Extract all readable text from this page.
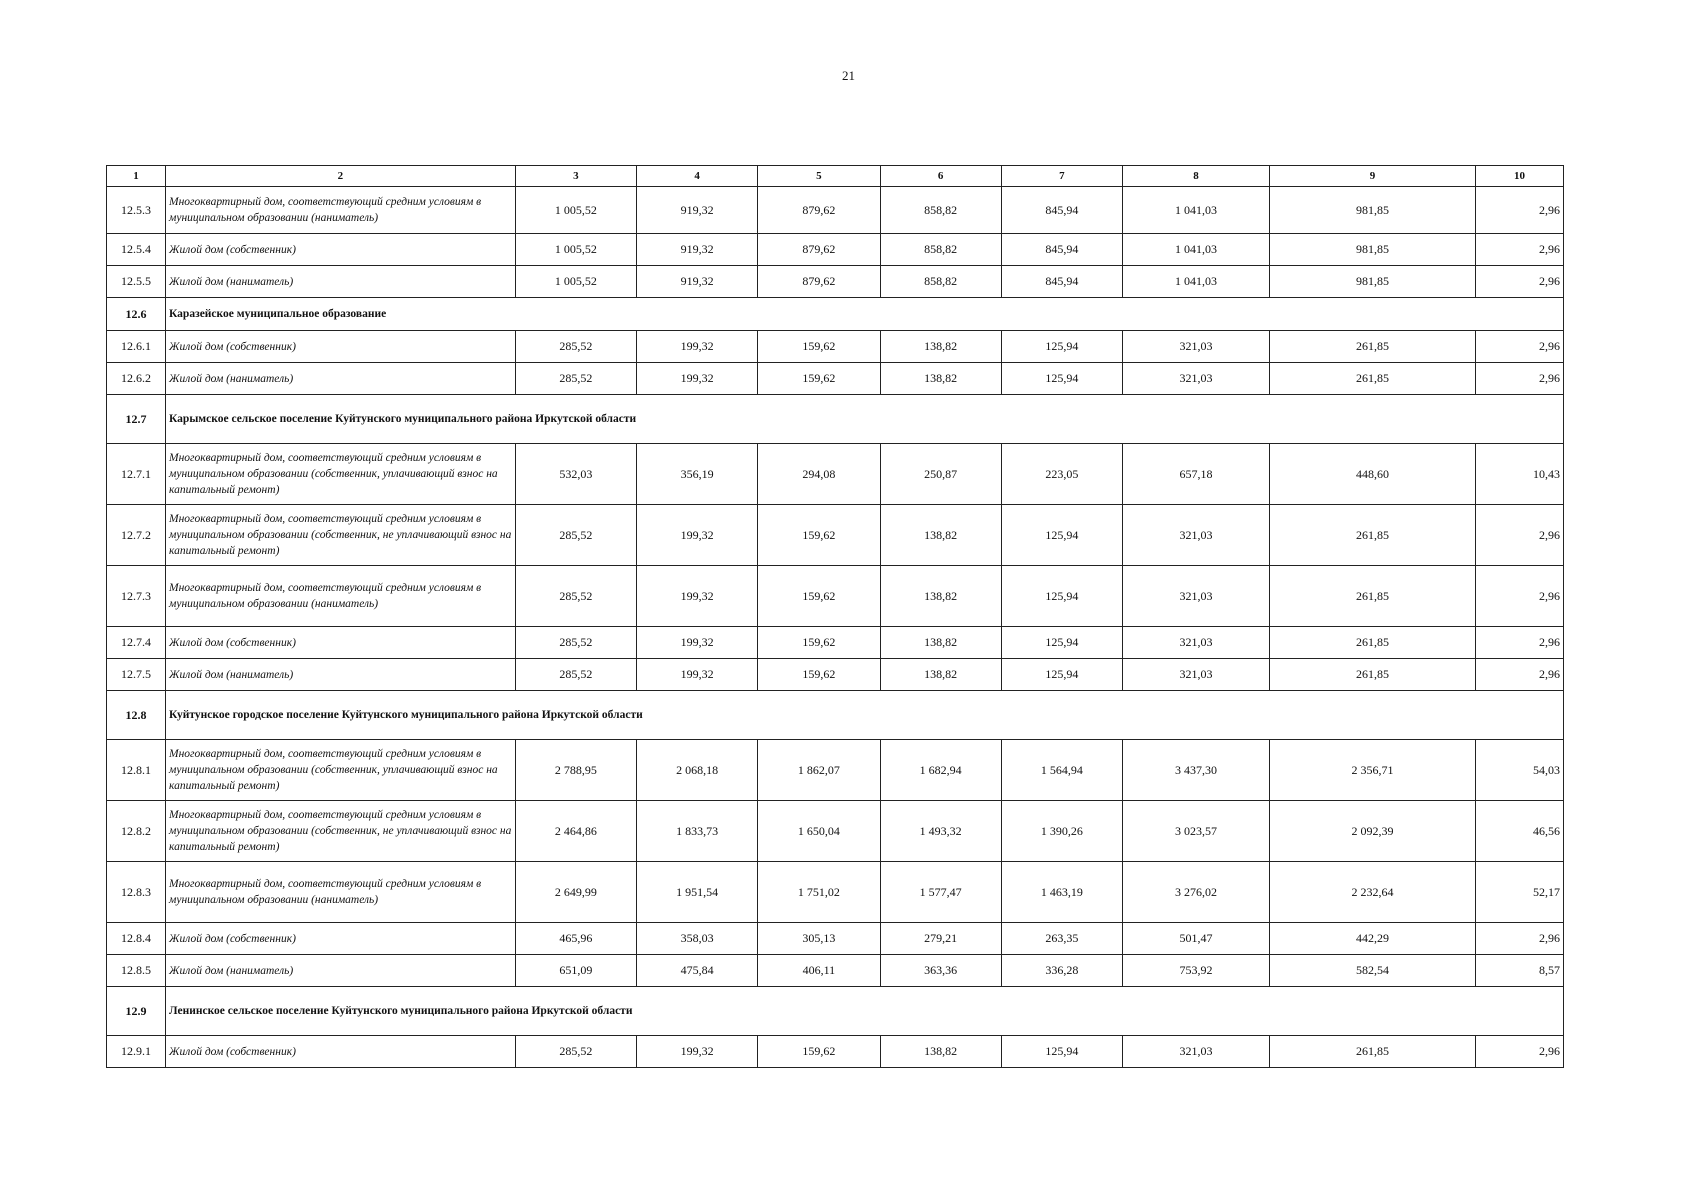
21
1	2	3	4	5	6	7	8	9	10
12.5.3	Многоквартирный дом, соответствующий средним условиям в муниципальном образовании (наниматель)	1 005,52	919,32	879,62	858,82	845,94	1 041,03	981,85	2,96
12.5.4	Жилой дом (собственник)	1 005,52	919,32	879,62	858,82	845,94	1 041,03	981,85	2,96
12.5.5	Жилой дом (наниматель)	1 005,52	919,32	879,62	858,82	845,94	1 041,03	981,85	2,96
12.6	Каразейское муниципальное образование								
12.6.1	Жилой дом (собственник)	285,52	199,32	159,62	138,82	125,94	321,03	261,85	2,96
12.6.2	Жилой дом (наниматель)	285,52	199,32	159,62	138,82	125,94	321,03	261,85	2,96
12.7	Карымское сельское поселение Куйтунского муниципального района Иркутской области								
12.7.1	Многоквартирный дом, соответствующий средним условиям в муниципальном образовании (собственник, уплачивающий взнос на капитальный ремонт)	532,03	356,19	294,08	250,87	223,05	657,18	448,60	10,43
12.7.2	Многоквартирный дом, соответствующий средним условиям в муниципальном образовании (собственник, не уплачивающий взнос на капитальный ремонт)	285,52	199,32	159,62	138,82	125,94	321,03	261,85	2,96
12.7.3	Многоквартирный дом, соответствующий средним условиям в муниципальном образовании (наниматель)	285,52	199,32	159,62	138,82	125,94	321,03	261,85	2,96
12.7.4	Жилой дом (собственник)	285,52	199,32	159,62	138,82	125,94	321,03	261,85	2,96
12.7.5	Жилой дом (наниматель)	285,52	199,32	159,62	138,82	125,94	321,03	261,85	2,96
12.8	Куйтунское городское поселение Куйтунского муниципального района Иркутской области								
12.8.1	Многоквартирный дом, соответствующий средним условиям в муниципальном образовании (собственник, уплачивающий взнос на капитальный ремонт)	2 788,95	2 068,18	1 862,07	1 682,94	1 564,94	3 437,30	2 356,71	54,03
12.8.2	Многоквартирный дом, соответствующий средним условиям в муниципальном образовании (собственник, не уплачивающий взнос на капитальный ремонт)	2 464,86	1 833,73	1 650,04	1 493,32	1 390,26	3 023,57	2 092,39	46,56
12.8.3	Многоквартирный дом, соответствующий средним условиям в муниципальном образовании (наниматель)	2 649,99	1 951,54	1 751,02	1 577,47	1 463,19	3 276,02	2 232,64	52,17
12.8.4	Жилой дом (собственник)	465,96	358,03	305,13	279,21	263,35	501,47	442,29	2,96
12.8.5	Жилой дом (наниматель)	651,09	475,84	406,11	363,36	336,28	753,92	582,54	8,57
12.9	Ленинское сельское поселение Куйтунского муниципального района Иркутской области								
12.9.1	Жилой дом (собственник)	285,52	199,32	159,62	138,82	125,94	321,03	261,85	2,96
